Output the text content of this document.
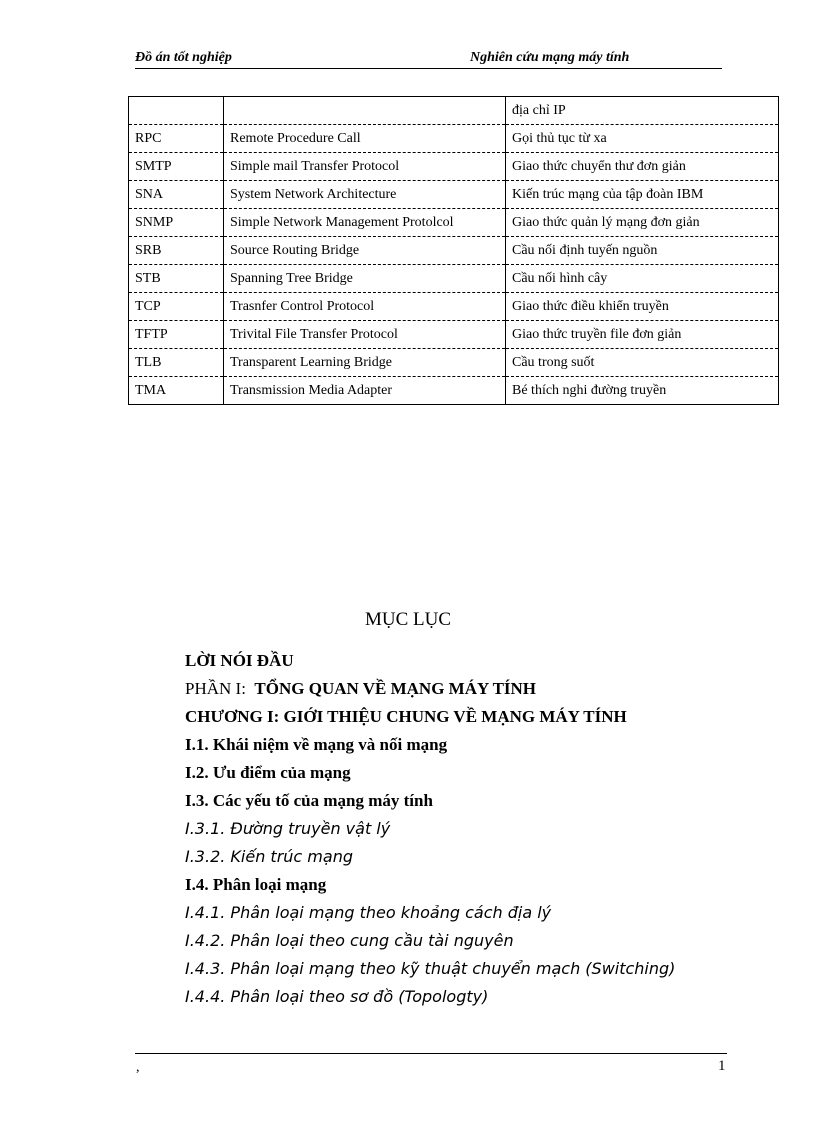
Đồ án tốt nghiệp	Nghiên cứu mạng máy tính
		địa chỉ IP
RPC	Remote Procedure Call	Gọi thủ tục từ xa
SMTP	Simple mail Transfer Protocol	Giao thức chuyển thư đơn giản
SNA	System Network Architecture	Kiến trúc mạng của tập đoàn IBM
SNMP	Simple Network Management Protolcol	Giao thức quản lý mạng đơn giản
SRB	Source Routing Bridge	Cầu nối định tuyến nguồn
STB	Spanning Tree Bridge	Cầu nối hình cây
TCP	Trasnfer Control Protocol	Giao thức điều khiển truyền
TFTP	Trivital File Transfer Protocol	Giao thức truyền file đơn giản
TLB	Transparent Learning Bridge	Cầu trong suốt
TMA	Transmission Media Adapter	Bé thích nghi đường truyền
MỤC LỤC
LỜI NÓI ĐẦU
PHẦN I: TỔNG QUAN VỀ MẠNG MÁY TÍNH
CHƯƠNG I: GIỚI THIỆU CHUNG VỀ MẠNG MÁY TÍNH
I.1. Khái niệm về mạng và nối mạng
I.2. Ưu điểm của mạng
I.3. Các yếu tố của mạng máy tính
I.3.1. Đường truyền vật lý
I.3.2. Kiến trúc mạng
I.4. Phân loại mạng
I.4.1. Phân loại mạng theo khoảng cách địa lý
I.4.2. Phân loại theo cung cầu tài nguyên
I.4.3. Phân loại mạng theo kỹ thuật chuyển mạch (Switching)
I.4.4. Phân loại theo sơ đồ (Topologty)
,	1
